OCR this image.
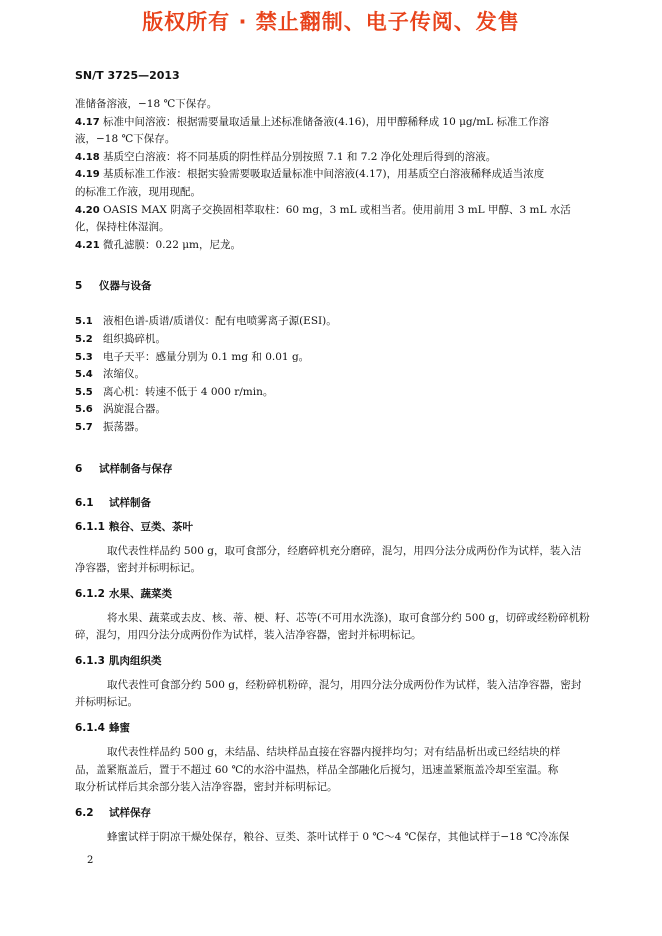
版权所有 · 禁止翻制、电子传阅、发售
SN/T 3725—2013

准储备溶液，−18 ℃下保存。

4.17 标准中间溶液：根据需要量取适量上述标准储备液(4.16)，用甲醇稀释成 10 μg/mL 标准工作溶

液，−18 ℃下保存。

4.18 基质空白溶液：将不同基质的阴性样品分别按照 7.1 和 7.2 净化处理后得到的溶液。

4.19 基质标准工作液：根据实验需要吸取适量标准中间溶液(4.17)，用基质空白溶液稀释成适当浓度

的标准工作液，现用现配。

4.20 OASIS MAX 阴离子交换固相萃取柱：60 mg，3 mL 或相当者。使用前用 3 mL 甲醇、3 mL 水活

化，保持柱体湿润。

4.21 微孔滤膜：0.22 μm，尼龙。

5 仪器与设备

5.1 液相色谱-质谱/质谱仪：配有电喷雾离子源(ESI)。

5.2 组织捣碎机。

5.3 电子天平：感量分别为 0.1 mg 和 0.01 g。

5.4 浓缩仪。

5.5 离心机：转速不低于 4 000 r/min。

5.6 涡旋混合器。

5.7 振荡器。

6 试样制备与保存
6.1 试样制备
6.1.1 粮谷、豆类、茶叶

取代表性样品约 500 g，取可食部分，经磨碎机充分磨碎，混匀，用四分法分成两份作为试样，装入洁

净容器，密封并标明标记。

6.1.2 水果、蔬菜类

将水果、蔬菜或去皮、核、蒂、梗、籽、芯等(不可用水洗涤)，取可食部分约 500 g，切碎或经粉碎机粉

碎，混匀，用四分法分成两份作为试样，装入洁净容器，密封并标明标记。

6.1.3 肌肉组织类

取代表性可食部分约 500 g，经粉碎机粉碎，混匀，用四分法分成两份作为试样，装入洁净容器，密封

并标明标记。

6.1.4 蜂蜜

取代表性样品约 500 g，未结晶、结块样品直接在容器内搅拌均匀；对有结晶析出或已经结块的样

品，盖紧瓶盖后，置于不超过 60 ℃的水浴中温热，样品全部融化后搅匀，迅速盖紧瓶盖冷却至室温。称

取分析试样后其余部分装入洁净容器，密封并标明标记。

6.2 试样保存

蜂蜜试样于阴凉干燥处保存，粮谷、豆类、茶叶试样于 0 ℃～4 ℃保存，其他试样于−18 ℃冷冻保

2
